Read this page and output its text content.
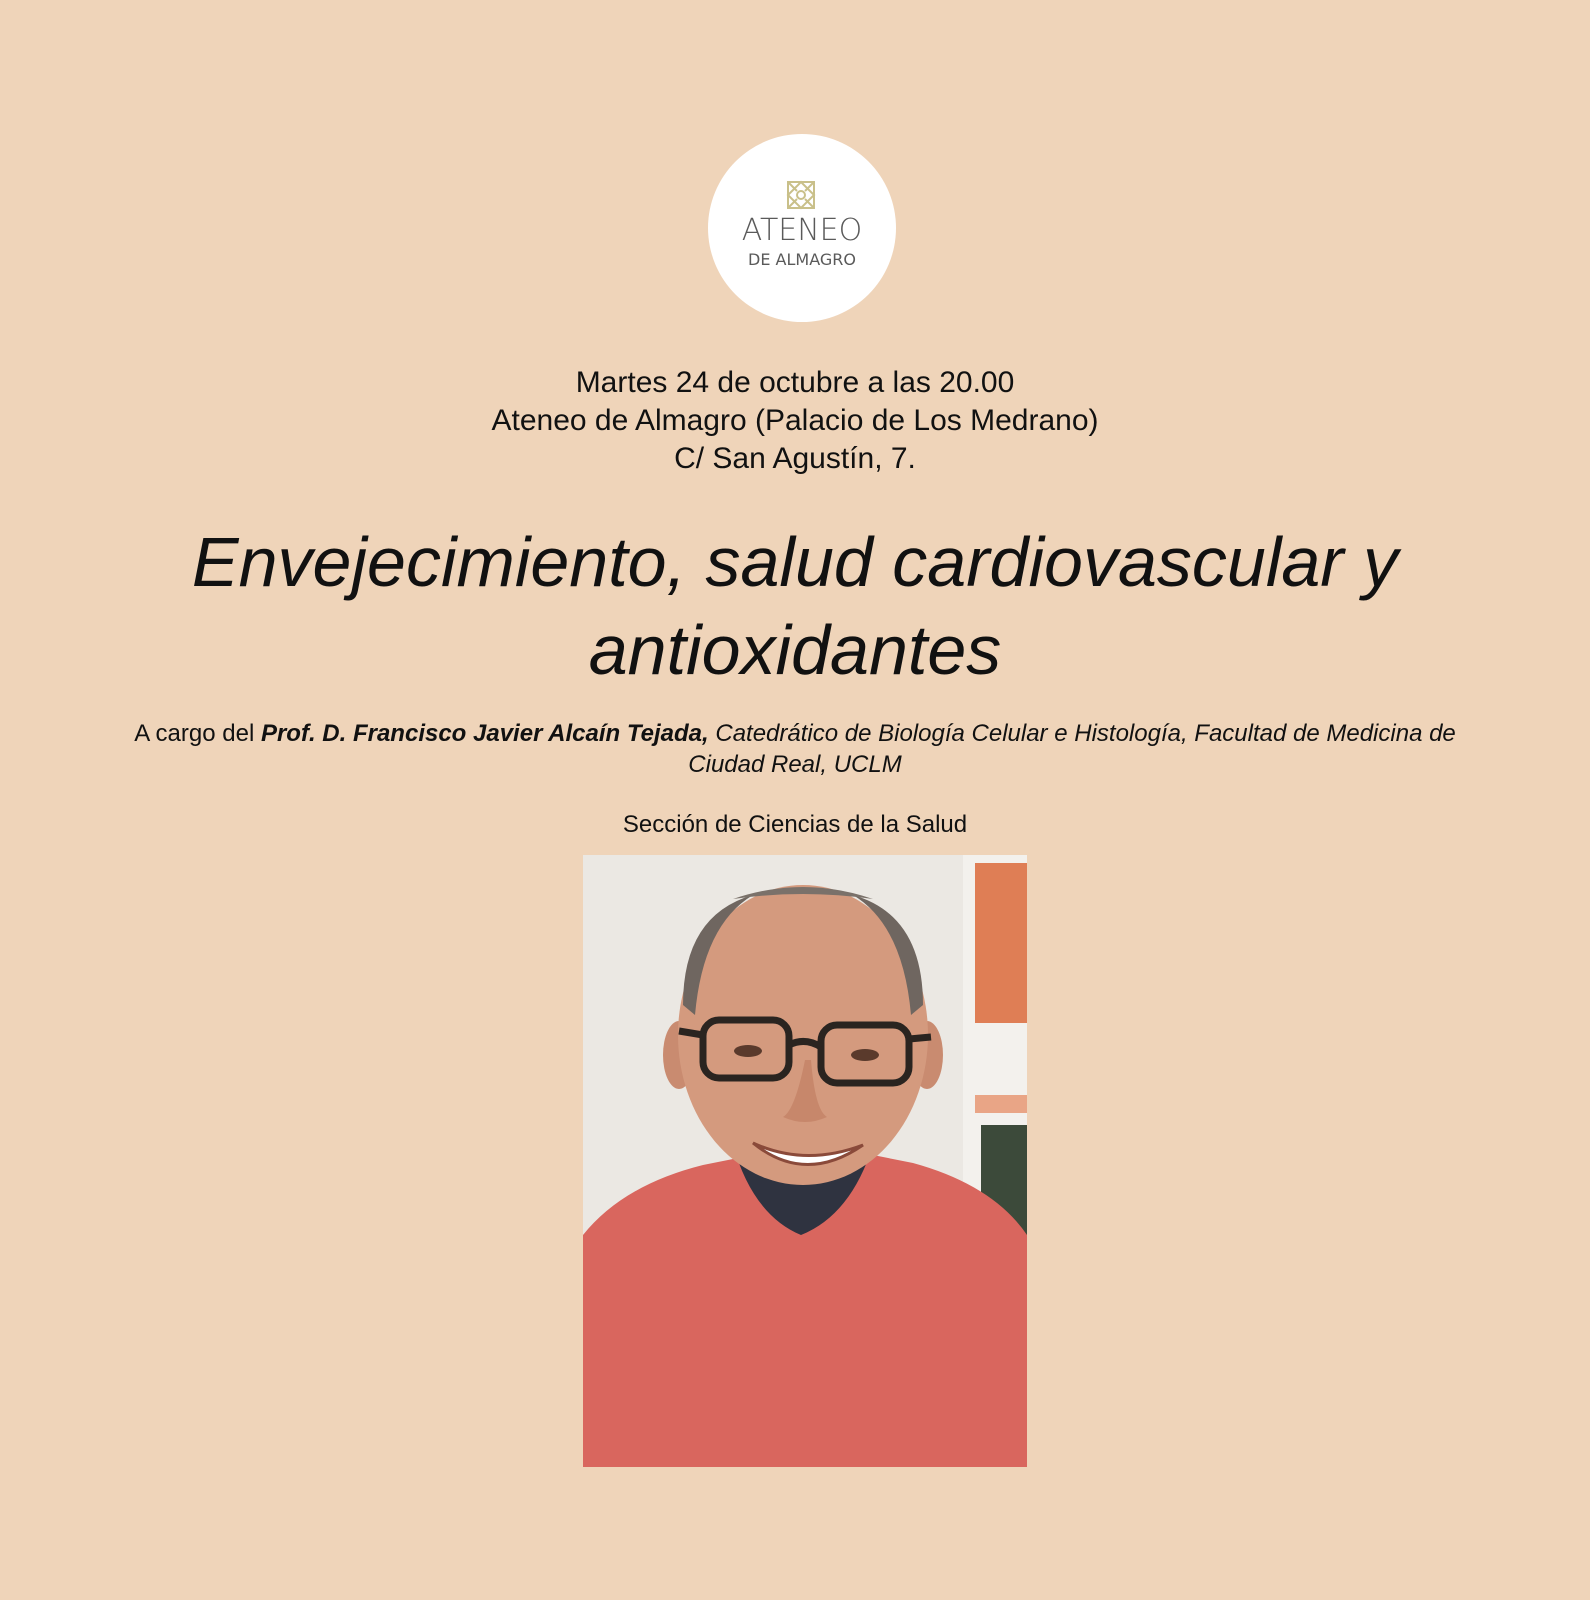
ATENEO
DE ALMAGRO
Martes 24 de octubre a las 20.00
Ateneo de Almagro (Palacio de Los Medrano)
C/ San Agustín, 7.
Envejecimiento, salud cardiovascular y antioxidantes
A cargo del Prof. D. Francisco Javier Alcaín Tejada, Catedrático de Biología Celular e Histología, Facultad de Medicina de Ciudad Real, UCLM
Sección de Ciencias de la Salud
